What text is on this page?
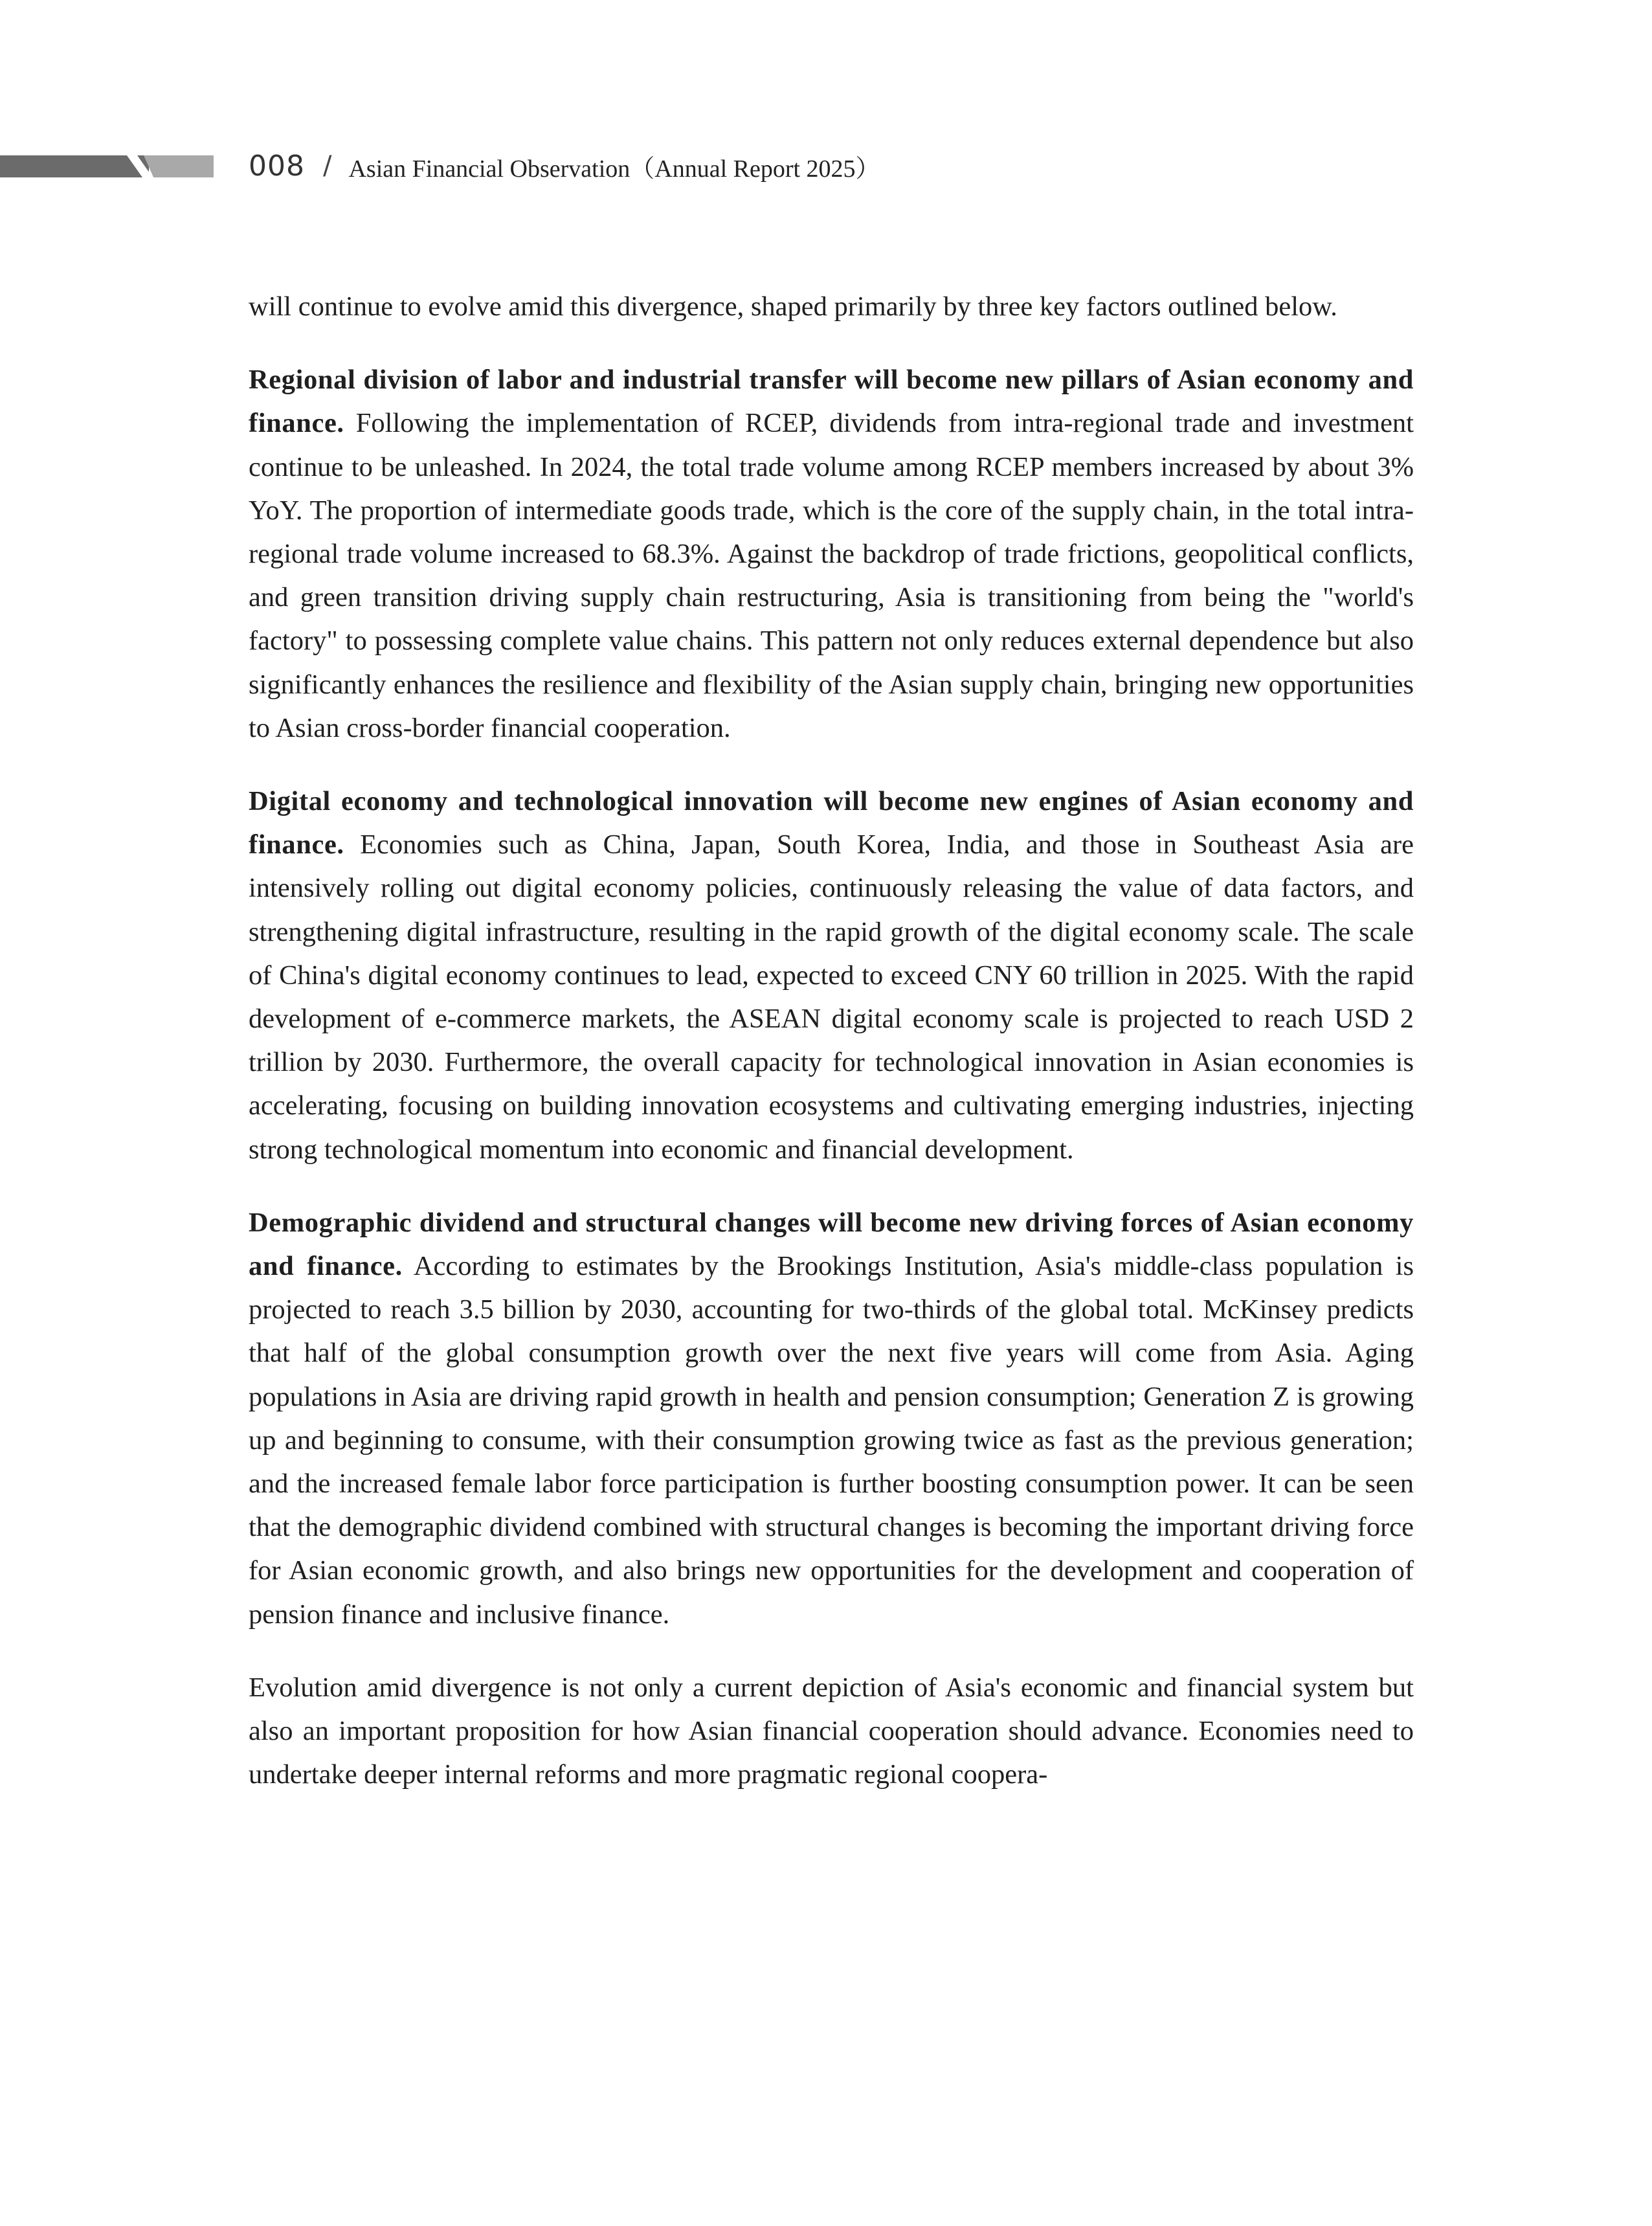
008 / Asian Financial Observation（Annual Report 2025）

will continue to evolve amid this divergence, shaped primarily by three key factors outlined below.

Regional division of labor and industrial transfer will become new pillars of Asian economy and finance. Following the implementation of RCEP, dividends from intra-regional trade and investment continue to be unleashed. In 2024, the total trade volume among RCEP members increased by about 3% YoY. The proportion of intermediate goods trade, which is the core of the supply chain, in the total intra-regional trade volume increased to 68.3%. Against the backdrop of trade frictions, geopolitical conflicts, and green transition driving supply chain restructuring, Asia is transitioning from being the "world's factory" to possessing complete value chains. This pattern not only reduces external dependence but also significantly enhances the resilience and flexibility of the Asian supply chain, bringing new opportunities to Asian cross-border financial cooperation.

Digital economy and technological innovation will become new engines of Asian economy and finance. Economies such as China, Japan, South Korea, India, and those in Southeast Asia are intensively rolling out digital economy policies, continuously releasing the value of data factors, and strengthening digital infrastructure, resulting in the rapid growth of the digital economy scale. The scale of China's digital economy continues to lead, expected to exceed CNY 60 trillion in 2025. With the rapid development of e-commerce markets, the ASEAN digital economy scale is projected to reach USD 2 trillion by 2030. Furthermore, the overall capacity for technological innovation in Asian economies is accelerating, focusing on building innovation ecosystems and cultivating emerging industries, injecting strong technological momentum into economic and financial development.

Demographic dividend and structural changes will become new driving forces of Asian economy and finance. According to estimates by the Brookings Institution, Asia's middle-class population is projected to reach 3.5 billion by 2030, accounting for two-thirds of the global total. McKinsey predicts that half of the global consumption growth over the next five years will come from Asia. Aging populations in Asia are driving rapid growth in health and pension consumption; Generation Z is growing up and beginning to consume, with their consumption growing twice as fast as the previous generation; and the increased female labor force participation is further boosting consumption power. It can be seen that the demographic dividend combined with structural changes is becoming the important driving force for Asian economic growth, and also brings new opportunities for the development and cooperation of pension finance and inclusive finance.

Evolution amid divergence is not only a current depiction of Asia's economic and financial system but also an important proposition for how Asian financial cooperation should advance. Economies need to undertake deeper internal reforms and more pragmatic regional coopera-
